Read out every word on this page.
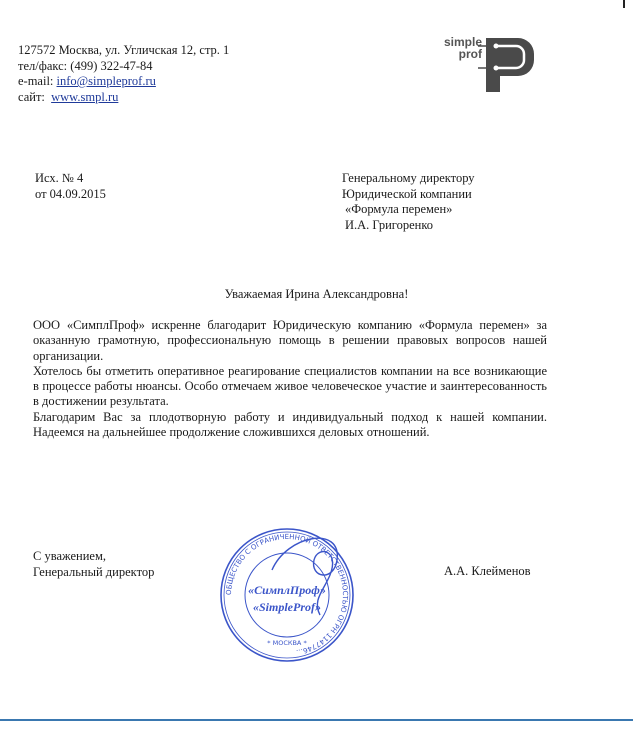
127572 Москва, ул. Угличская 12, стр. 1
тел/факс: (499) 322-47-84
e-mail: info@simpleprof.ru
сайт: www.smpl.ru
simple
prof
Исх. № 4
от 04.09.2015
Генеральному директору
Юридической компании
«Формула перемен»
И.А. Григоренко
Уважаемая Ирина Александровна!

ООО «СимплПроф» искренне благодарит Юридическую компанию «Формула перемен» за оказанную грамотную, профессиональную помощь в решении правовых вопросов нашей организации.

Хотелось бы отметить оперативное реагирование специалистов компании на все возникающие в процессе работы нюансы. Особо отмечаем живое человеческое участие и заинтересованность в достижении результата.

Благодарим Вас за плодотворную работу и индивидуальный подход к нашей компании. Надеемся на дальнейшее продолжение сложившихся деловых отношений.

С уважением,
Генеральный директор	А.А. Клейменов
ОБЩЕСТВО С ОГРАНИЧЕННОЙ ОТВЕТСТВЕННОСТЬЮ ОГРН 1147746...
* МОСКВА *
«СимплПроф»
«SimpleProf»
